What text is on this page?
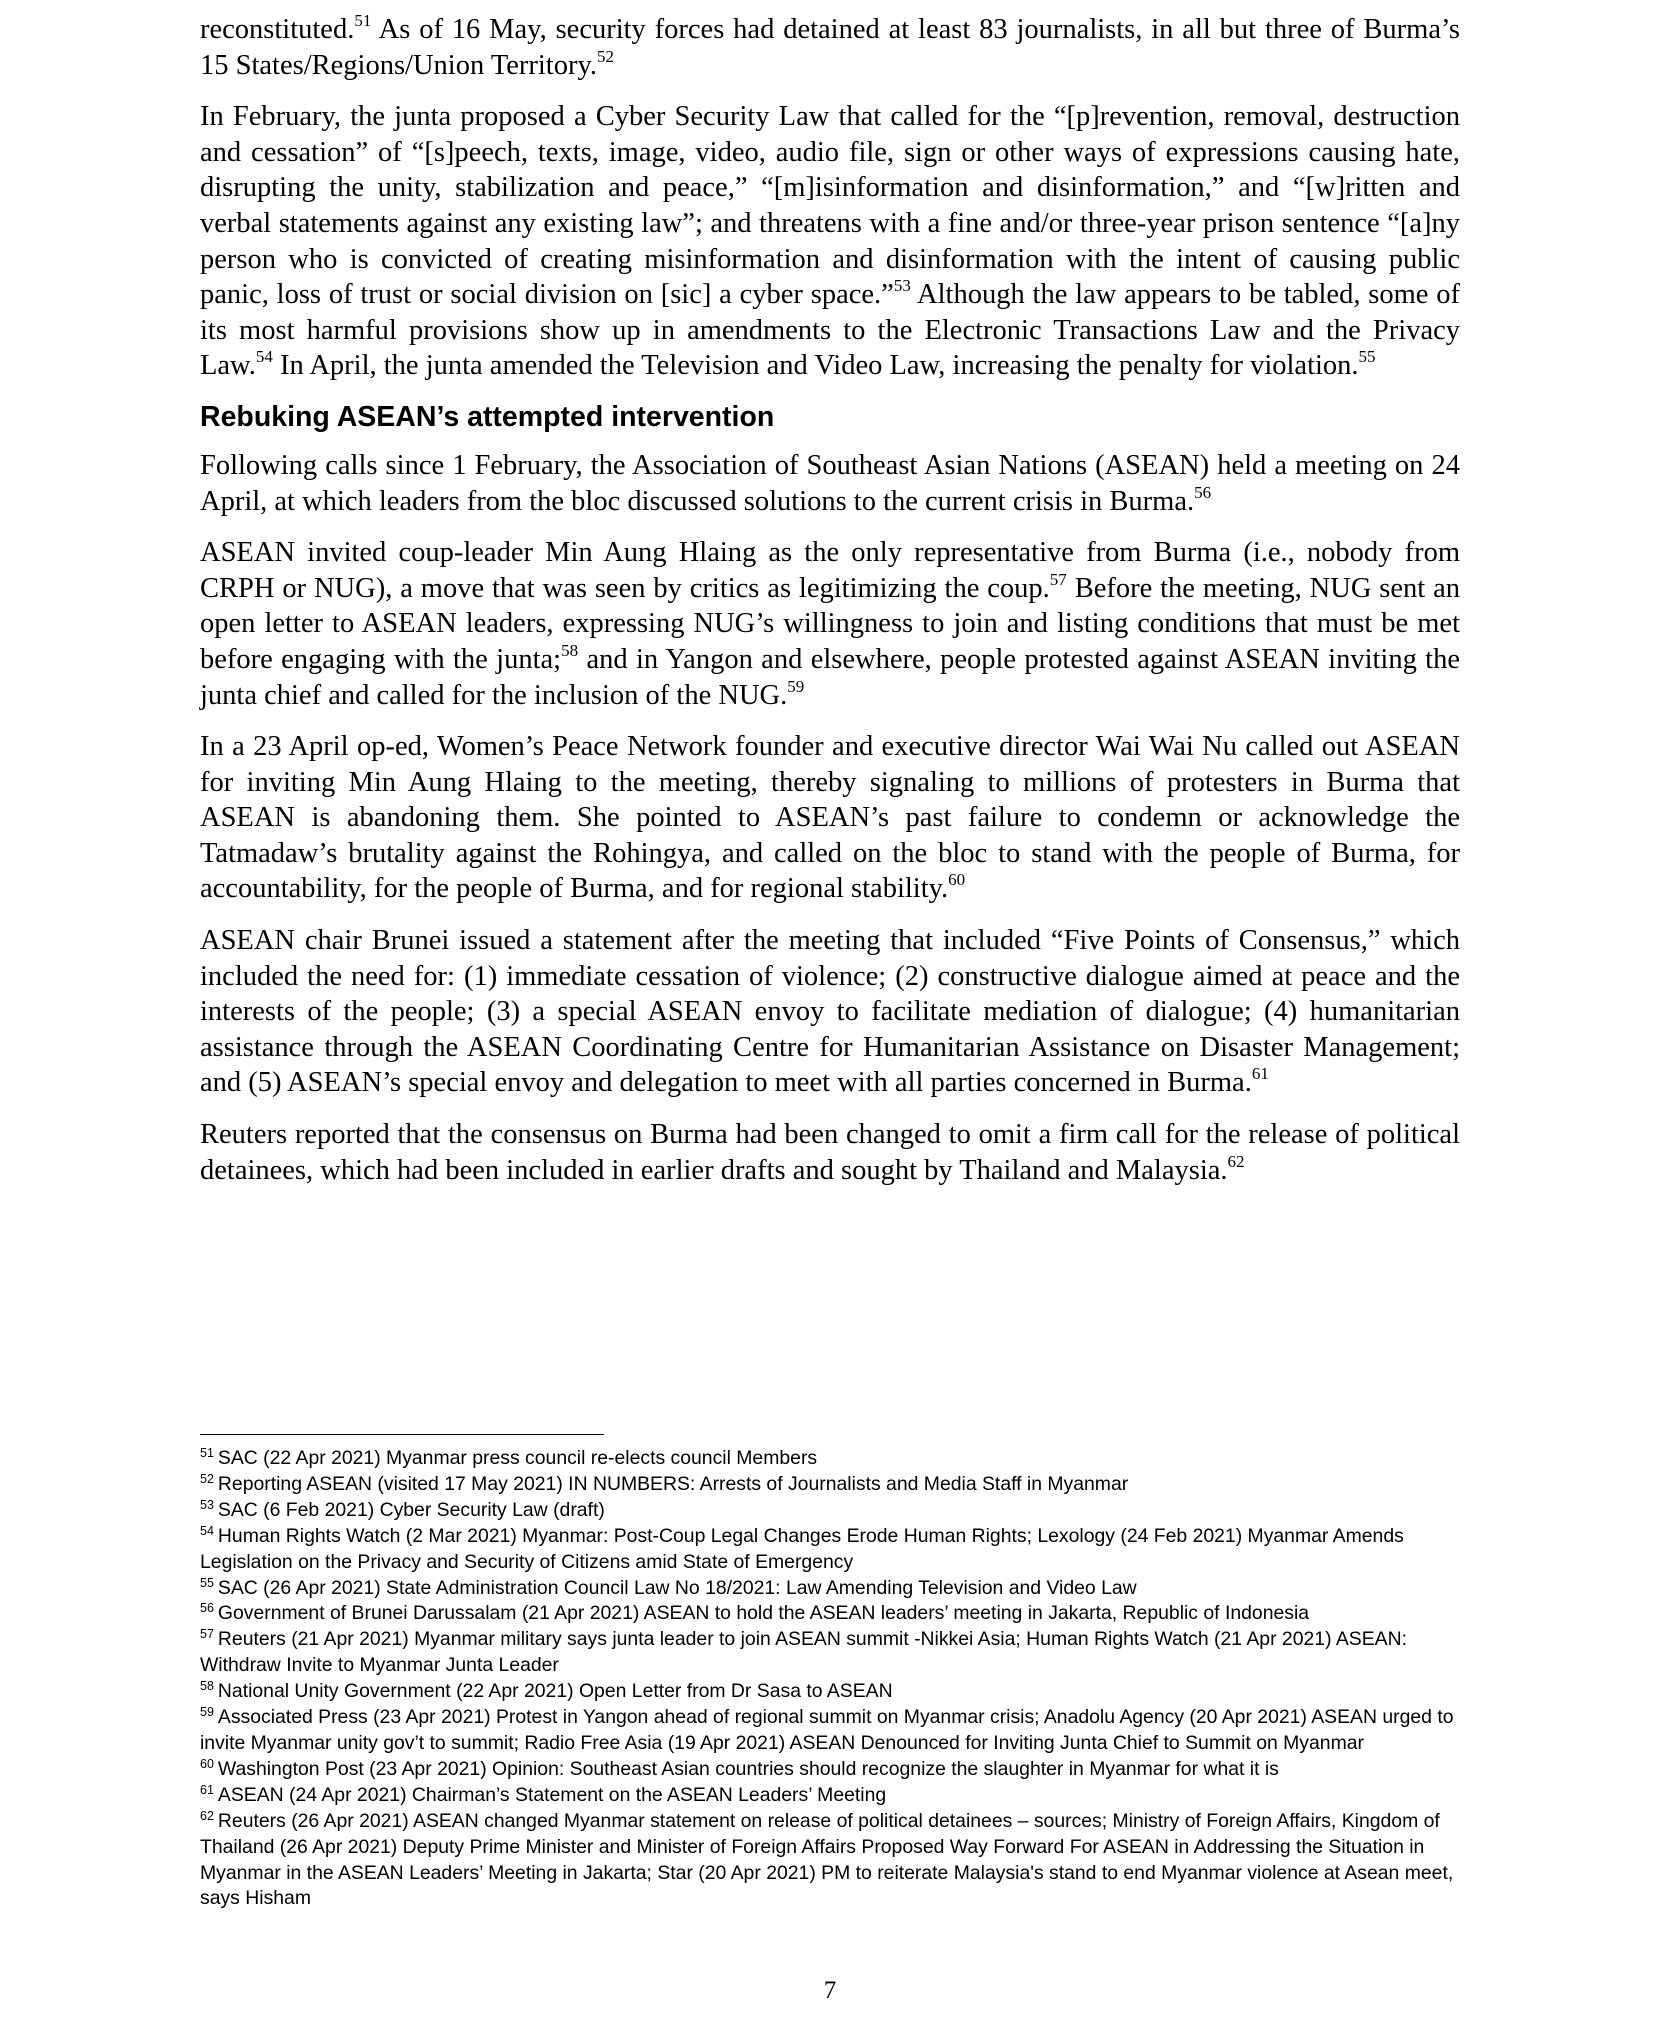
reconstituted.$^{51}$ As of 16 May, security forces had detained at least 83 journalists, in all but three of Burma’s 15 States/Regions/Union Territory.$^{52}$

In February, the junta proposed a Cyber Security Law that called for the “[p]revention, removal, destruction and cessation” of “[s]peech, texts, image, video, audio file, sign or other ways of expressions causing hate, disrupting the unity, stabilization and peace,” “[m]isinformation and disinformation,” and “[w]ritten and verbal statements against any existing law”; and threatens with a fine and/or three-year prison sentence “[a]ny person who is convicted of creating misinformation and disinformation with the intent of causing public panic, loss of trust or social division on [sic] a cyber space.”$^{53}$ Although the law appears to be tabled, some of its most harmful provisions show up in amendments to the Electronic Transactions Law and the Privacy Law.$^{54}$ In April, the junta amended the Television and Video Law, increasing the penalty for violation.$^{55}$

Rebuking ASEAN’s attempted intervention

Following calls since 1 February, the Association of Southeast Asian Nations (ASEAN) held a meeting on 24 April, at which leaders from the bloc discussed solutions to the current crisis in Burma.$^{56}$

ASEAN invited coup-leader Min Aung Hlaing as the only representative from Burma (i.e., nobody from CRPH or NUG), a move that was seen by critics as legitimizing the coup.$^{57}$ Before the meeting, NUG sent an open letter to ASEAN leaders, expressing NUG’s willingness to join and listing conditions that must be met before engaging with the junta;$^{58}$ and in Yangon and elsewhere, people protested against ASEAN inviting the junta chief and called for the inclusion of the NUG.$^{59}$

In a 23 April op-ed, Women’s Peace Network founder and executive director Wai Wai Nu called out ASEAN for inviting Min Aung Hlaing to the meeting, thereby signaling to millions of protesters in Burma that ASEAN is abandoning them. She pointed to ASEAN’s past failure to condemn or acknowledge the Tatmadaw’s brutality against the Rohingya, and called on the bloc to stand with the people of Burma, for accountability, for the people of Burma, and for regional stability.$^{60}$

ASEAN chair Brunei issued a statement after the meeting that included “Five Points of Consensus,” which included the need for: (1) immediate cessation of violence; (2) constructive dialogue aimed at peace and the interests of the people; (3) a special ASEAN envoy to facilitate mediation of dialogue; (4) humanitarian assistance through the ASEAN Coordinating Centre for Humanitarian Assistance on Disaster Management; and (5) ASEAN’s special envoy and delegation to meet with all parties concerned in Burma.$^{61}$

Reuters reported that the consensus on Burma had been changed to omit a firm call for the release of political detainees, which had been included in earlier drafts and sought by Thailand and Malaysia.$^{62}$

$^{51}$ SAC (22 Apr 2021) Myanmar press council re-elects council Members

$^{52}$ Reporting ASEAN (visited 17 May 2021) IN NUMBERS: Arrests of Journalists and Media Staff in Myanmar

$^{53}$ SAC (6 Feb 2021) Cyber Security Law (draft)

$^{54}$ Human Rights Watch (2 Mar 2021) Myanmar: Post-Coup Legal Changes Erode Human Rights; Lexology (24 Feb 2021) Myanmar Amends Legislation on the Privacy and Security of Citizens amid State of Emergency

$^{55}$ SAC (26 Apr 2021) State Administration Council Law No 18/2021: Law Amending Television and Video Law

$^{56}$ Government of Brunei Darussalam (21 Apr 2021) ASEAN to hold the ASEAN leaders’ meeting in Jakarta, Republic of Indonesia

$^{57}$ Reuters (21 Apr 2021) Myanmar military says junta leader to join ASEAN summit -Nikkei Asia; Human Rights Watch (21 Apr 2021) ASEAN: Withdraw Invite to Myanmar Junta Leader

$^{58}$ National Unity Government (22 Apr 2021) Open Letter from Dr Sasa to ASEAN

$^{59}$ Associated Press (23 Apr 2021) Protest in Yangon ahead of regional summit on Myanmar crisis; Anadolu Agency (20 Apr 2021) ASEAN urged to invite Myanmar unity gov’t to summit; Radio Free Asia (19 Apr 2021) ASEAN Denounced for Inviting Junta Chief to Summit on Myanmar

$^{60}$ Washington Post (23 Apr 2021) Opinion: Southeast Asian countries should recognize the slaughter in Myanmar for what it is

$^{61}$ ASEAN (24 Apr 2021) Chairman’s Statement on the ASEAN Leaders’ Meeting

$^{62}$ Reuters (26 Apr 2021) ASEAN changed Myanmar statement on release of political detainees – sources; Ministry of Foreign Affairs, Kingdom of Thailand (26 Apr 2021) Deputy Prime Minister and Minister of Foreign Affairs Proposed Way Forward For ASEAN in Addressing the Situation in Myanmar in the ASEAN Leaders’ Meeting in Jakarta; Star (20 Apr 2021) PM to reiterate Malaysia's stand to end Myanmar violence at Asean meet, says Hisham

7
